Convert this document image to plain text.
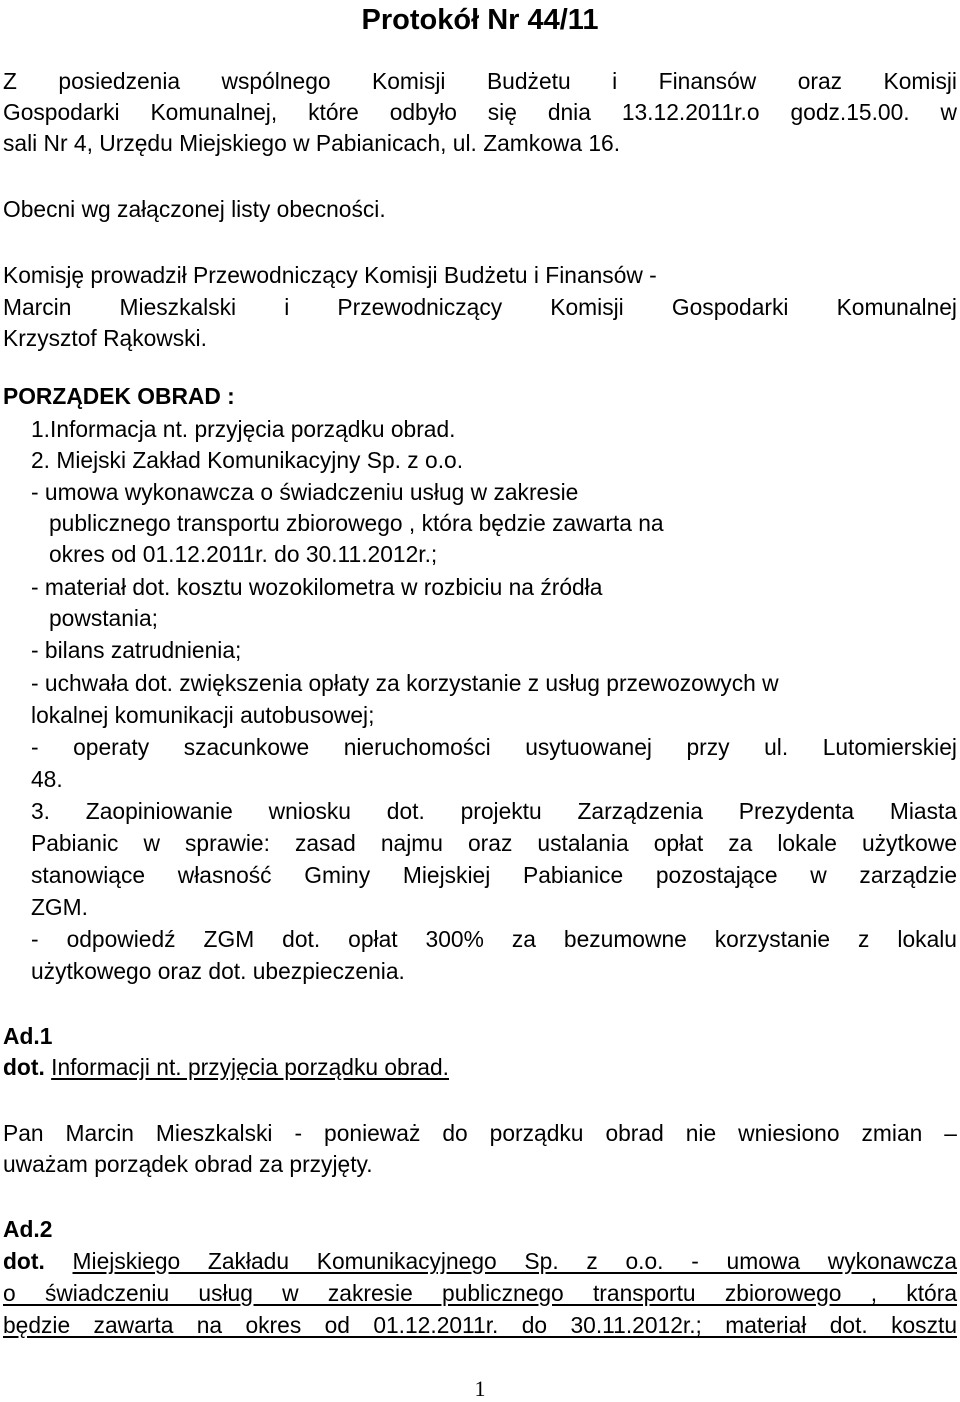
Protokół Nr 44/11
Z posiedzenia wspólnego Komisji Budżetu i Finansów oraz Komisji
Gospodarki Komunalnej, które odbyło się dnia 13.12.2011r.o godz.15.00. w
sali Nr 4, Urzędu Miejskiego w Pabianicach, ul. Zamkowa 16.
Obecni wg załączonej listy obecności.
Komisję prowadził Przewodniczący Komisji Budżetu i Finansów -
Marcin Mieszkalski i Przewodniczący Komisji Gospodarki Komunalnej
Krzysztof Rąkowski.
PORZĄDEK OBRAD :
1.Informacja nt. przyjęcia porządku obrad.
2. Miejski Zakład Komunikacyjny Sp. z o.o.
- umowa wykonawcza o świadczeniu usług w zakresie
publicznego transportu zbiorowego , która będzie zawarta na
okres od 01.12.2011r. do 30.11.2012r.;
- materiał dot. kosztu wozokilometra w rozbiciu na źródła
powstania;
- bilans zatrudnienia;
- uchwała dot. zwiększenia opłaty za korzystanie z usług przewozowych w
lokalnej komunikacji autobusowej;
- operaty szacunkowe nieruchomości usytuowanej przy ul. Lutomierskiej
48.
3. Zaopiniowanie wniosku dot. projektu Zarządzenia Prezydenta Miasta
Pabianic w sprawie: zasad najmu oraz ustalania opłat za lokale użytkowe
stanowiące własność Gminy Miejskiej Pabianice pozostające w zarządzie
ZGM.
- odpowiedź ZGM dot. opłat 300% za bezumowne korzystanie z lokalu
użytkowego oraz dot. ubezpieczenia.
Ad.1
dot. Informacji nt. przyjęcia porządku obrad.
Pan Marcin Mieszkalski - ponieważ do porządku obrad nie wniesiono zmian –
uważam porządek obrad za przyjęty.
Ad.2
dot. Miejskiego Zakładu Komunikacyjnego Sp. z o.o. - umowa wykonawcza
o świadczeniu usług w zakresie publicznego transportu zbiorowego , która
będzie zawarta na okres od 01.12.2011r. do 30.11.2012r.; materiał dot. kosztu
1
